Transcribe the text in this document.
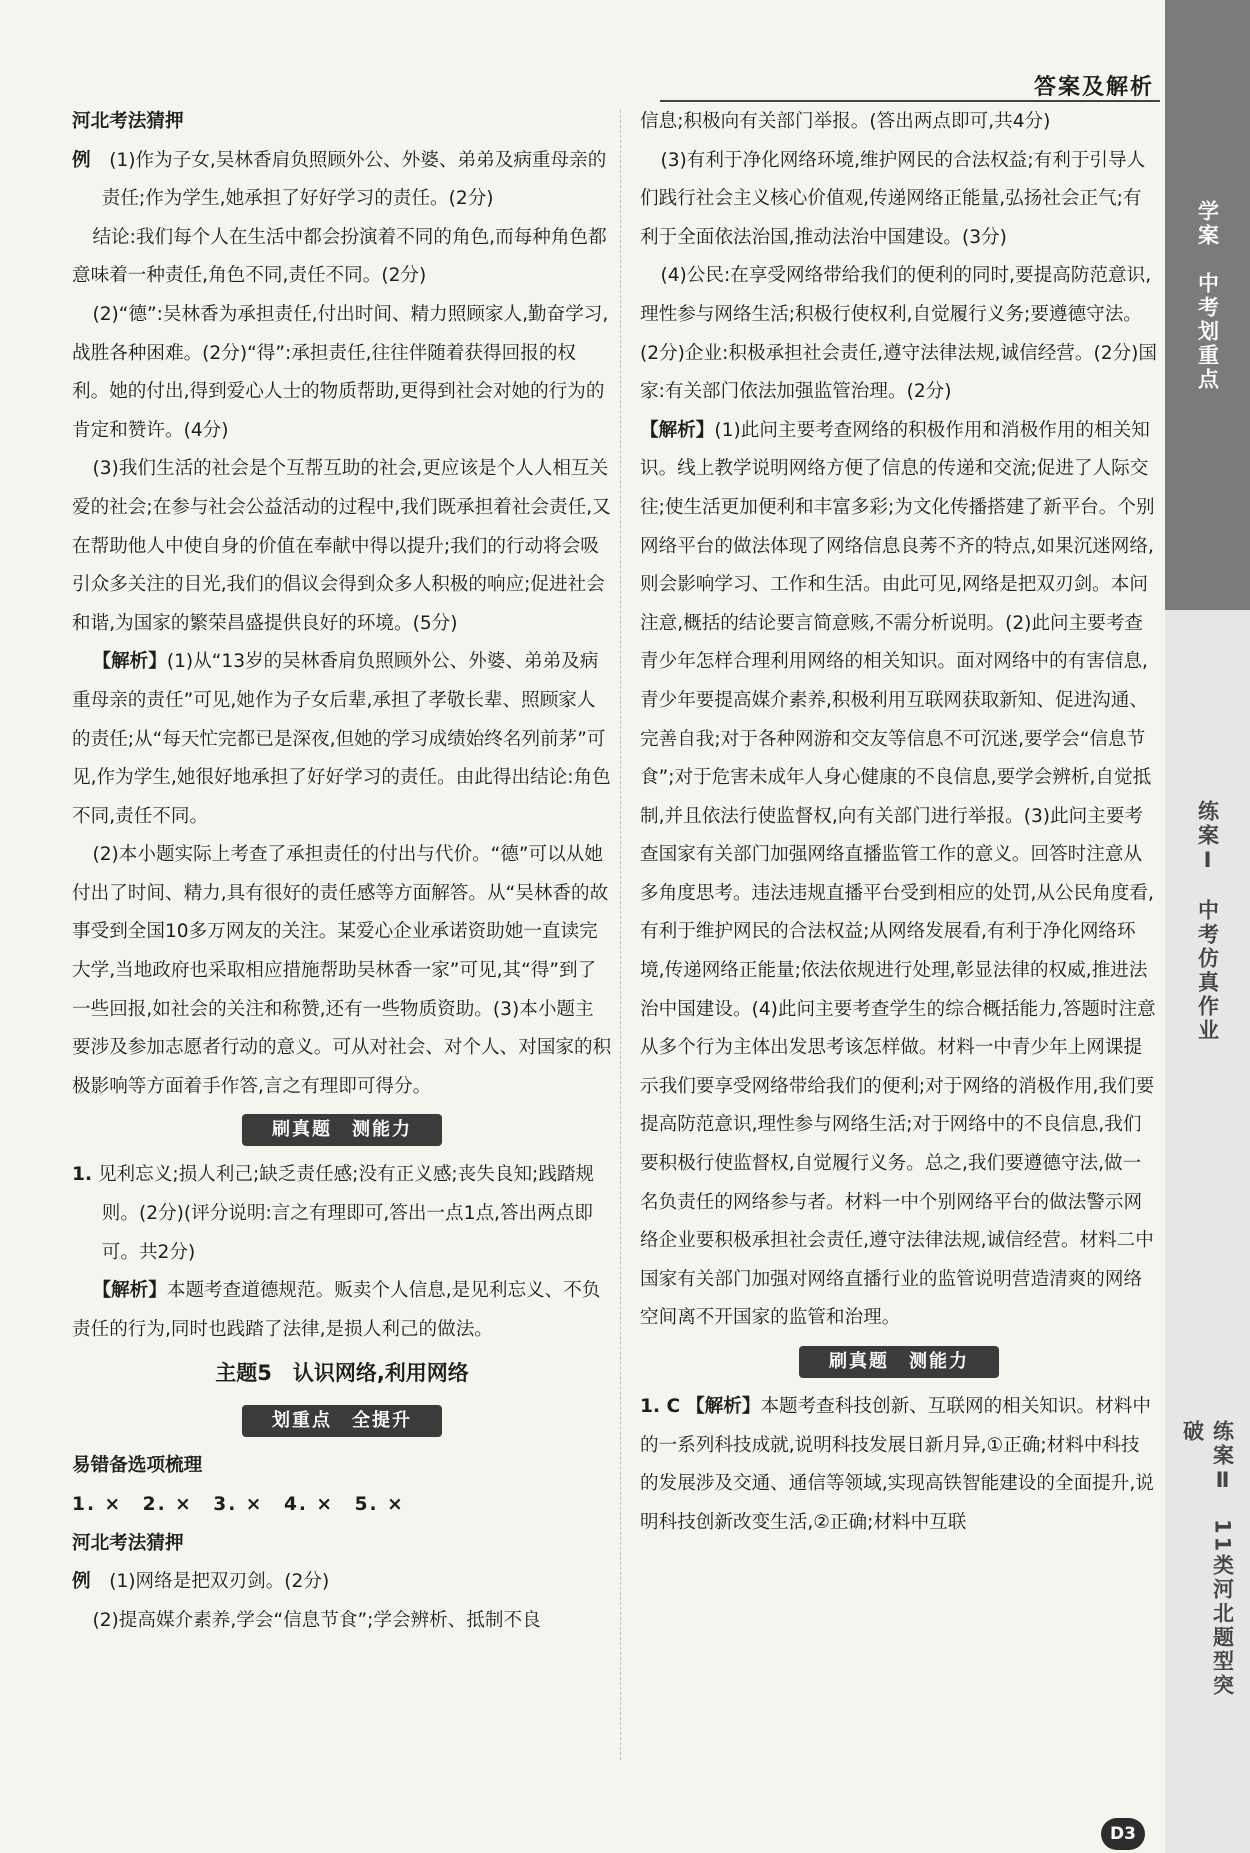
答案及解析

河北考法猜押

例　 (1)作为子女,吴林香肩负照顾外公、外婆、弟弟及病重母亲的责任;作为学生,她承担了好好学习的责任。(2分)

结论:我们每个人在生活中都会扮演着不同的角色,而每种角色都意味着一种责任,角色不同,责任不同。(2分)

(2)“德”:吴林香为承担责任,付出时间、精力照顾家人,勤奋学习,战胜各种困难。(2分)“得”:承担责任,往往伴随着获得回报的权利。她的付出,得到爱心人士的物质帮助,更得到社会对她的行为的肯定和赞许。(4分)

(3)我们生活的社会是个互帮互助的社会,更应该是个人人相互关爱的社会;在参与社会公益活动的过程中,我们既承担着社会责任,又在帮助他人中使自身的价值在奉献中得以提升;我们的行动将会吸引众多关注的目光,我们的倡议会得到众多人积极的响应;促进社会和谐,为国家的繁荣昌盛提供良好的环境。(5分)

【解析】(1)从“13岁的吴林香肩负照顾外公、外婆、弟弟及病重母亲的责任”可见,她作为子女后辈,承担了孝敬长辈、照顾家人的责任;从“每天忙完都已是深夜,但她的学习成绩始终名列前茅”可见,作为学生,她很好地承担了好好学习的责任。由此得出结论:角色不同,责任不同。

(2)本小题实际上考查了承担责任的付出与代价。“德”可以从她付出了时间、精力,具有很好的责任感等方面解答。从“吴林香的故事受到全国10多万网友的关注。某爱心企业承诺资助她一直读完大学,当地政府也采取相应措施帮助吴林香一家”可见,其“得”到了一些回报,如社会的关注和称赞,还有一些物质资助。(3)本小题主要涉及参加志愿者行动的意义。可从对社会、对个人、对国家的积极影响等方面着手作答,言之有理即可得分。

刷真题　测能力

1. 见利忘义;损人利己;缺乏责任感;没有正义感;丧失良知;践踏规则。(2分)(评分说明:言之有理即可,答出一点1点,答出两点即可。共2分)

【解析】本题考查道德规范。贩卖个人信息,是见利忘义、不负责任的行为,同时也践踏了法律,是损人利己的做法。

主题5　认识网络,利用网络

划重点　全提升

易错备选项梳理

1. ×　2. ×　3. ×　4. ×　5. ×

河北考法猜押

例　 (1)网络是把双刃剑。(2分)

(2)提高媒介素养,学会“信息节食”;学会辨析、抵制不良

信息;积极向有关部门举报。(答出两点即可,共4分)

(3)有利于净化网络环境,维护网民的合法权益;有利于引导人们践行社会主义核心价值观,传递网络正能量,弘扬社会正气;有利于全面依法治国,推动法治中国建设。(3分)

(4)公民:在享受网络带给我们的便利的同时,要提高防范意识,理性参与网络生活;积极行使权利,自觉履行义务;要遵德守法。(2分)企业:积极承担社会责任,遵守法律法规,诚信经营。(2分)国家:有关部门依法加强监管治理。(2分)

【解析】(1)此问主要考查网络的积极作用和消极作用的相关知识。线上教学说明网络方便了信息的传递和交流;促进了人际交往;使生活更加便利和丰富多彩;为文化传播搭建了新平台。个别网络平台的做法体现了网络信息良莠不齐的特点,如果沉迷网络,则会影响学习、工作和生活。由此可见,网络是把双刃剑。本问注意,概括的结论要言简意赅,不需分析说明。(2)此问主要考查青少年怎样合理利用网络的相关知识。面对网络中的有害信息,青少年要提高媒介素养,积极利用互联网获取新知、促进沟通、完善自我;对于各种网游和交友等信息不可沉迷,要学会“信息节食”;对于危害未成年人身心健康的不良信息,要学会辨析,自觉抵制,并且依法行使监督权,向有关部门进行举报。(3)此问主要考查国家有关部门加强网络直播监管工作的意义。回答时注意从多角度思考。违法违规直播平台受到相应的处罚,从公民角度看,有利于维护网民的合法权益;从网络发展看,有利于净化网络环境,传递网络正能量;依法依规进行处理,彰显法律的权威,推进法治中国建设。(4)此问主要考查学生的综合概括能力,答题时注意从多个行为主体出发思考该怎样做。材料一中青少年上网课提示我们要享受网络带给我们的便利;对于网络的消极作用,我们要提高防范意识,理性参与网络生活;对于网络中的不良信息,我们要积极行使监督权,自觉履行义务。总之,我们要遵德守法,做一名负责任的网络参与者。材料一中个别网络平台的做法警示网络企业要积极承担社会责任,遵守法律法规,诚信经营。材料二中国家有关部门加强对网络直播行业的监管说明营造清爽的网络空间离不开国家的监管和治理。

刷真题　测能力

1. C 【解析】本题考查科技创新、互联网的相关知识。材料中的一系列科技成就,说明科技发展日新月异,①正确;材料中科技的发展涉及交通、通信等领域,实现高铁智能建设的全面提升,说明科技创新改变生活,②正确;材料中互联

学案　中考划重点
练案Ⅰ　中考仿真作业
练案Ⅱ　11类河北题型突破
D3
